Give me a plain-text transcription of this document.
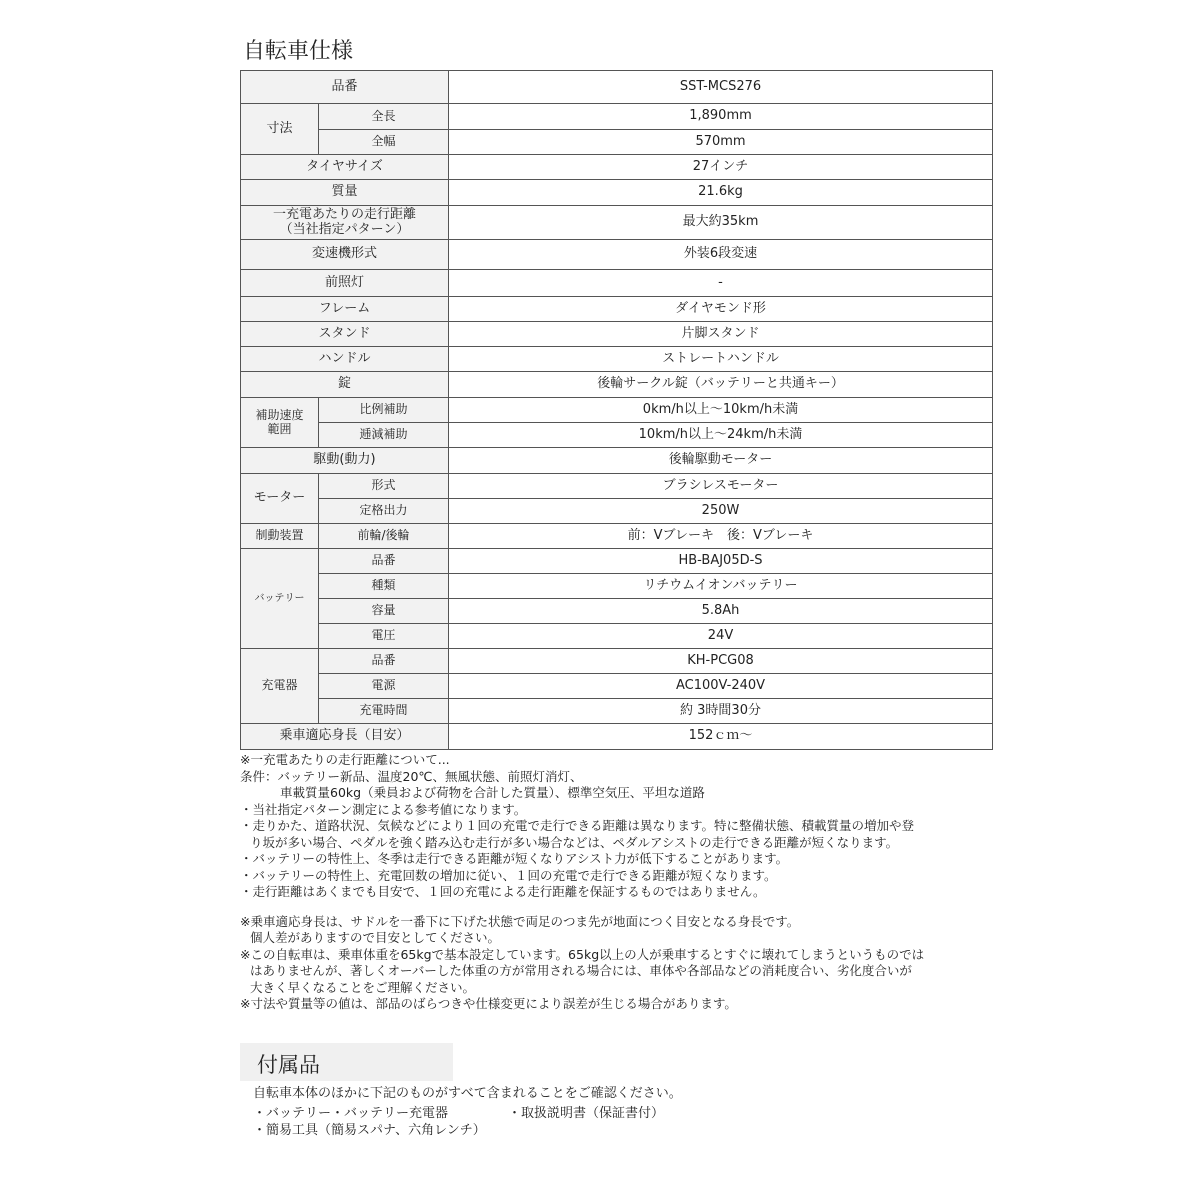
自転車仕様
品番		SST-MCS276
寸法	全長	1,890mm
	全幅	570mm
タイヤサイズ		27インチ
質量		21.6kg

一充電あたりの走行距離
（当社指定パターン）		最大約35km
変速機形式		外装6段変速
前照灯		-
フレーム		ダイヤモンド形
スタンド		片脚スタンド
ハンドル		ストレートハンドル
錠		後輪サークル錠（バッテリーと共通キー）

補助速度
範囲	比例補助	0km/h以上～10km/h未満
	逓減補助	10km/h以上～24km/h未満
駆動(動力)		後輪駆動モーター
モーター	形式	ブラシレスモーター
	定格出力	250W
制動装置	前輪/後輪	前：Vブレーキ　後：Vブレーキ
バッテリー	品番	HB-BAJ05D-S
	種類	リチウムイオンバッテリー
	容量	5.8Ah
	電圧	24V
充電器	品番	KH-PCG08
	電源	AC100V-240V
	充電時間	約 3時間30分
乗車適応身長（目安）		152ｃｍ～
※一充電あたりの走行距離について...
条件：バッテリー新品、温度20℃、無風状態、前照灯消灯、
車載質量60kg（乗員および荷物を合計した質量）、標準空気圧、平坦な道路
・当社指定パターン測定による参考値になります。
・走りかた、道路状況、気候などにより１回の充電で走行できる距離は異なります。特に整備状態、積載質量の増加や登
り坂が多い場合、ペダルを強く踏み込む走行が多い場合などは、ペダルアシストの走行できる距離が短くなります。
・バッテリーの特性上、冬季は走行できる距離が短くなりアシスト力が低下することがあります。
・バッテリーの特性上、充電回数の増加に従い、１回の充電で走行できる距離が短くなります。
・走行距離はあくまでも目安で、１回の充電による走行距離を保証するものではありません。
※乗車適応身長は、サドルを一番下に下げた状態で両足のつま先が地面につく目安となる身長です。
個人差がありますので目安としてください。
※この自転車は、乗車体重を65kgで基本設定しています。65kg以上の人が乗車するとすぐに壊れてしまうというものでは
はありませんが、著しくオーバーした体重の方が常用される場合には、車体や各部品などの消耗度合い、劣化度合いが
大きく早くなることをご理解ください。
※寸法や質量等の値は、部品のばらつきや仕様変更により誤差が生じる場合があります。
付属品
自転車本体のほかに下記のものがすべて含まれることをご確認ください。
・バッテリー・バッテリー充電器	・取扱説明書（保証書付）
・簡易工具（簡易スパナ、六角レンチ）
